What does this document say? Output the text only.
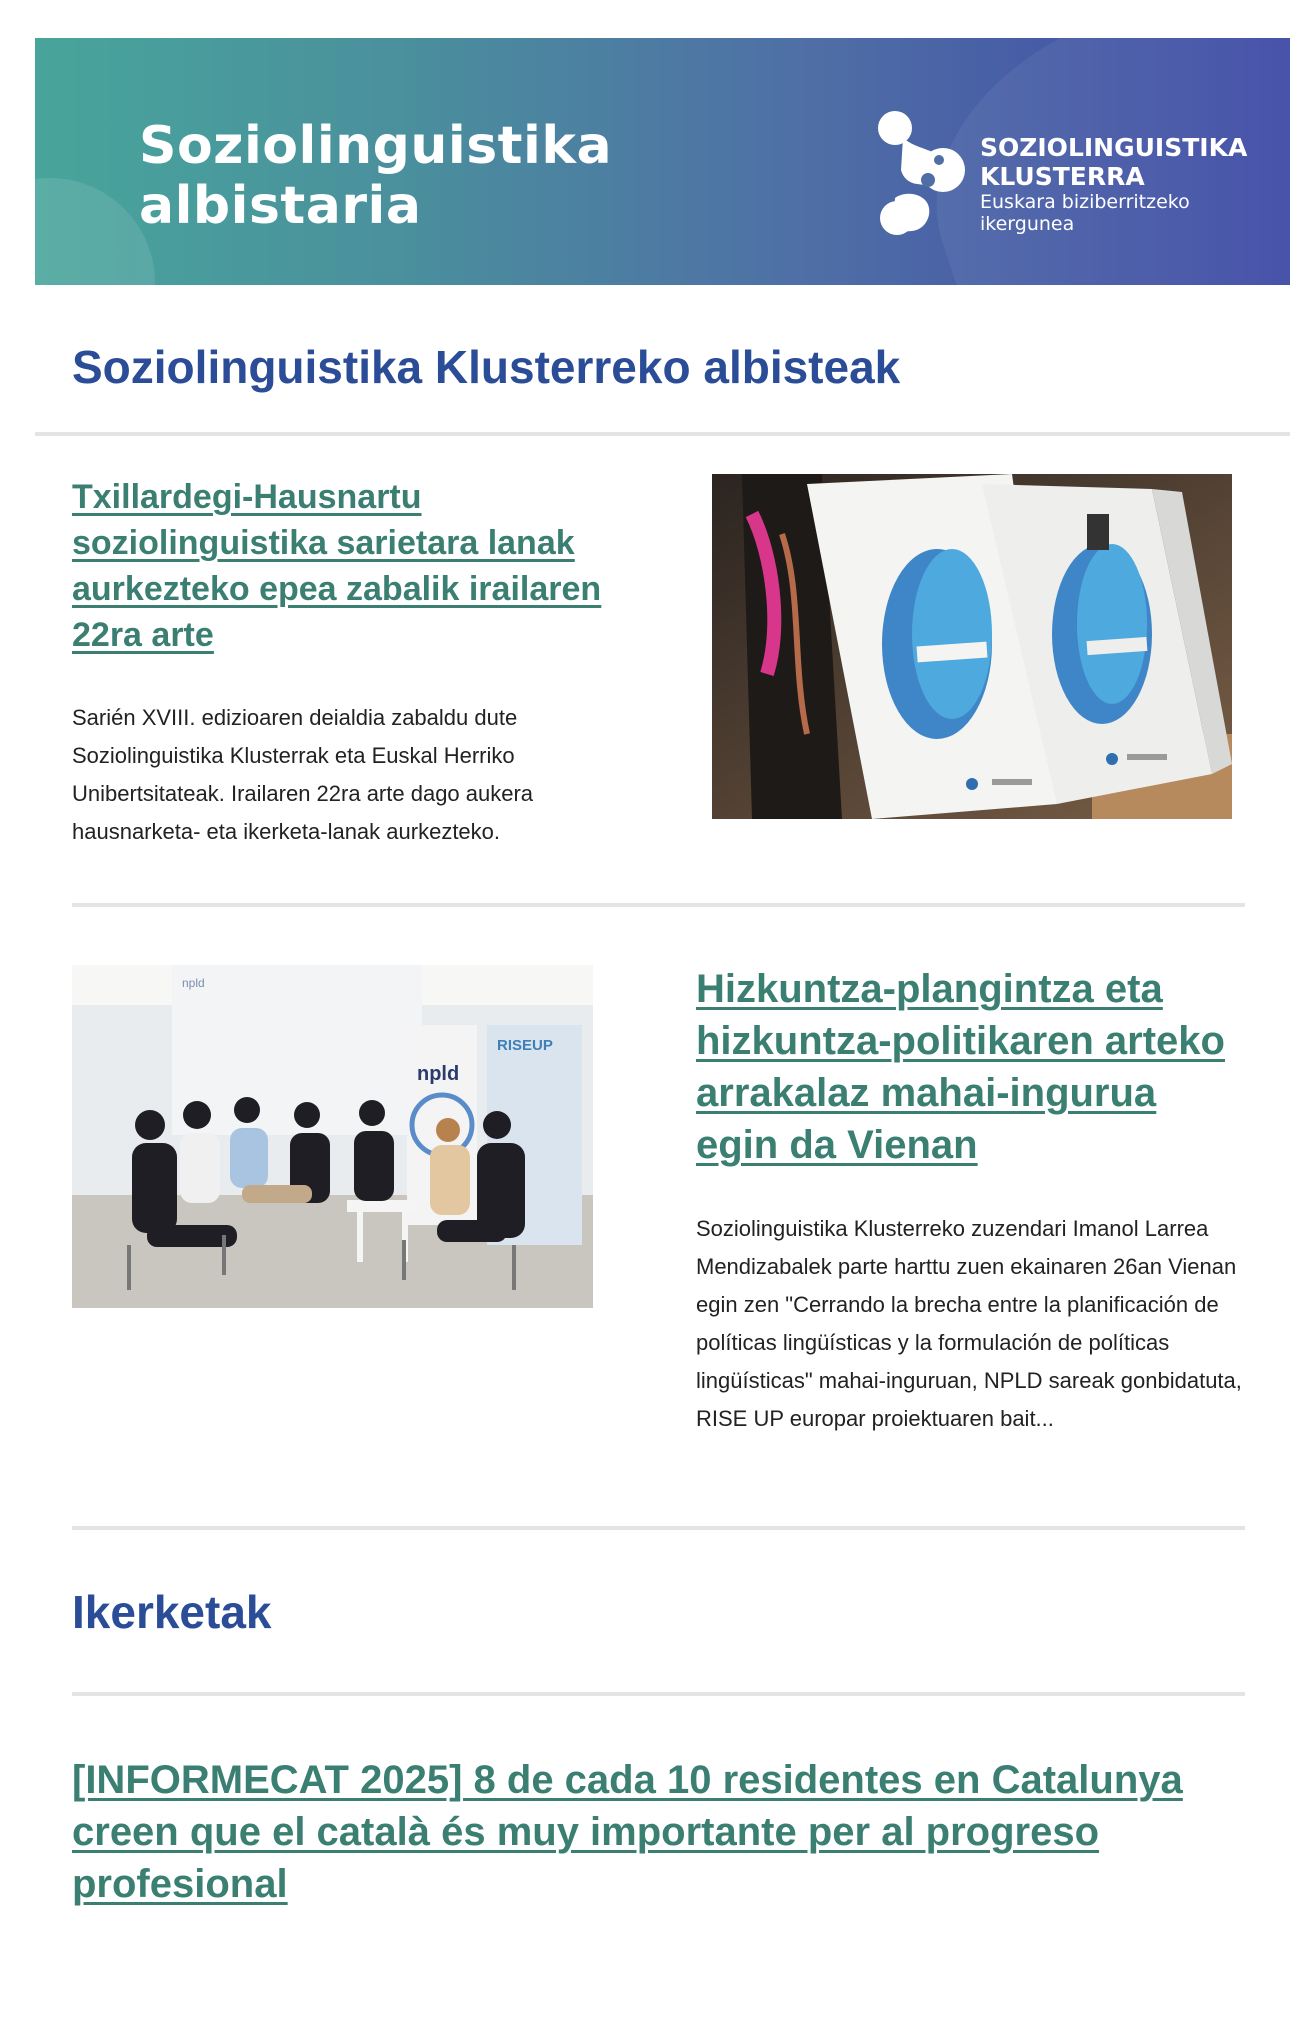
Soziolinguistika
albistaria
SOZIOLINGUISTIKA
KLUSTERRA
Euskara biziberritzeko
ikergunea
Soziolinguistika Klusterreko albisteak
Txillardegi-Hausnartu soziolinguistika sarietara lanak aurkezteko epea zabalik irailaren 22ra arte

Sarién XVIII. edizioaren deialdia zabaldu dute Soziolinguistika Klusterrak eta Euskal Herriko Unibertsitateak. Irailaren 22ra arte dago aukera hausnarketa- eta ikerketa-lanak aurkezteko.

npld
npld
RISEUP
Hizkuntza-plangintza eta hizkuntza-politikaren arteko arrakalaz mahai-ingurua egin da Vienan

Soziolinguistika Klusterreko zuzendari Imanol Larrea Mendizabalek parte harttu zuen ekainaren 26an Vienan egin zen "Cerrando la brecha entre la planificación de políticas lingüísticas y la formulación de políticas lingüísticas" mahai-inguruan, NPLD sareak gonbidatuta, RISE UP europar proiektuaren bait...

Ikerketak
[INFORMECAT 2025] 8 de cada 10 residentes en Catalunya creen que el català és muy importante per al progreso profesional
